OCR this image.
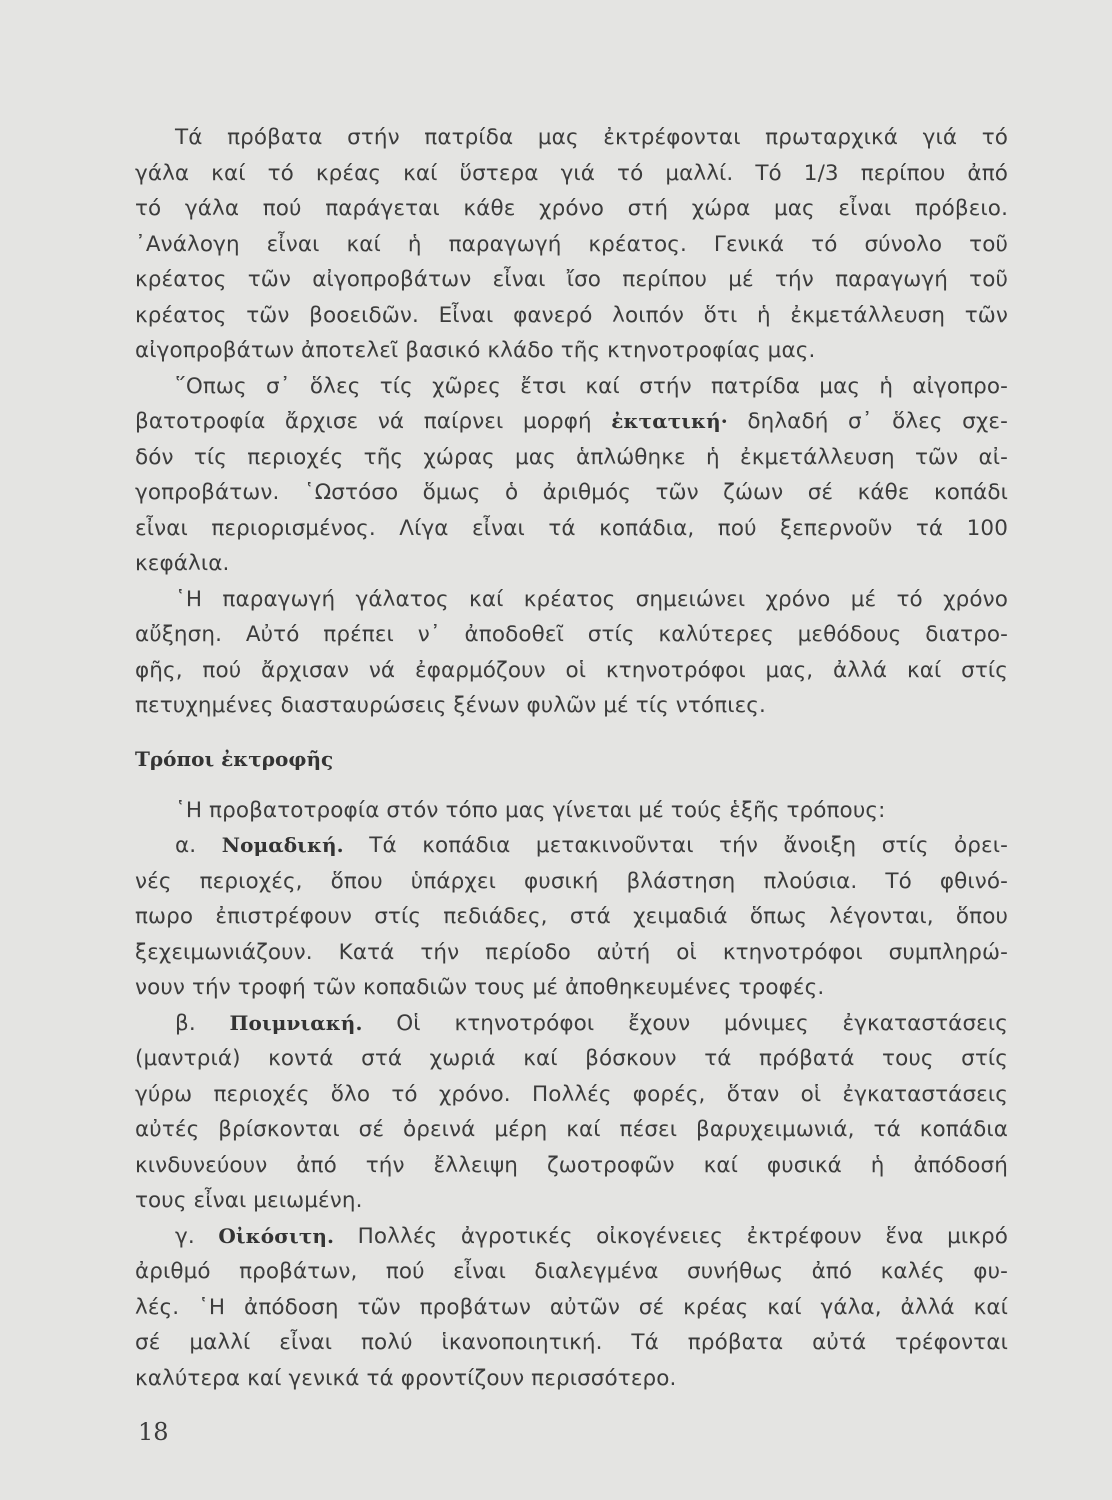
Τά πρόβατα στήν πατρίδα μας ἐκτρέφονται πρωταρχικά γιά τό
γάλα καί τό κρέας καί ὕστερα γιά τό μαλλί. Τό 1/3 περίπου ἀπό
τό γάλα πού παράγεται κάθε χρόνο στή χώρα μας εἶναι πρόβειο.
᾿Ανάλογη εἶναι καί ἡ παραγωγή κρέατος. Γενικά τό σύνολο τοῦ
κρέατος τῶν αἰγοπροβάτων εἶναι ἴσο περίπου μέ τήν παραγωγή τοῦ
κρέατος τῶν βοοειδῶν. Εἶναι φανερό λοιπόν ὅτι ἡ ἐκμετάλλευση τῶν
αἰγοπροβάτων ἀποτελεῖ βασικό κλάδο τῆς κτηνοτροφίας μας.
῞Οπως σ᾿ ὅλες τίς χῶρες ἔτσι καί στήν πατρίδα μας ἡ αἰγοπρο-
βατοτροφία ἄρχισε νά παίρνει μορφή ἐκτατική· δηλαδή σ᾿ ὅλες σχε-
δόν τίς περιοχές τῆς χώρας μας ἁπλώθηκε ἡ ἐκμετάλλευση τῶν αἰ-
γοπροβάτων. ῾Ωστόσο ὅμως ὁ ἀριθμός τῶν ζώων σέ κάθε κοπάδι
εἶναι περιορισμένος. Λίγα εἶναι τά κοπάδια, πού ξεπερνοῦν τά 100
κεφάλια.
῾Η παραγωγή γάλατος καί κρέατος σημειώνει χρόνο μέ τό χρόνο
αὔξηση. Αὐτό πρέπει ν᾿ ἀποδοθεῖ στίς καλύτερες μεθόδους διατρο-
φῆς, πού ἄρχισαν νά ἐφαρμόζουν οἱ κτηνοτρόφοι μας, ἀλλά καί στίς
πετυχημένες διασταυρώσεις ξένων φυλῶν μέ τίς ντόπιες.
Τρόποι ἐκτροφῆς
῾Η προβατοτροφία στόν τόπο μας γίνεται μέ τούς ἑξῆς τρόπους:
α. Νομαδική. Τά κοπάδια μετακινοῦνται τήν ἄνοιξη στίς ὀρει-
νές περιοχές, ὅπου ὑπάρχει φυσική βλάστηση πλούσια. Τό φθινό-
πωρο ἐπιστρέφουν στίς πεδιάδες, στά χειμαδιά ὅπως λέγονται, ὅπου
ξεχειμωνιάζουν. Κατά τήν περίοδο αὐτή οἱ κτηνοτρόφοι συμπληρώ-
νουν τήν τροφή τῶν κοπαδιῶν τους μέ ἀποθηκευμένες τροφές.
β. Ποιμνιακή. Οἱ κτηνοτρόφοι ἔχουν μόνιμες ἐγκαταστάσεις
(μαντριά) κοντά στά χωριά καί βόσκουν τά πρόβατά τους στίς
γύρω περιοχές ὅλο τό χρόνο. Πολλές φορές, ὅταν οἱ ἐγκαταστάσεις
αὐτές βρίσκονται σέ ὀρεινά μέρη καί πέσει βαρυχειμωνιά, τά κοπάδια
κινδυνεύουν ἀπό τήν ἔλλειψη ζωοτροφῶν καί φυσικά ἡ ἀπόδοσή
τους εἶναι μειωμένη.
γ. Οἰκόσιτη. Πολλές ἀγροτικές οἰκογένειες ἐκτρέφουν ἕνα μικρό
ἀριθμό προβάτων, πού εἶναι διαλεγμένα συνήθως ἀπό καλές φυ-
λές. ῾Η ἀπόδοση τῶν προβάτων αὐτῶν σέ κρέας καί γάλα, ἀλλά καί
σέ μαλλί εἶναι πολύ ἱκανοποιητική. Τά πρόβατα αὐτά τρέφονται
καλύτερα καί γενικά τά φροντίζουν περισσότερο.
18
